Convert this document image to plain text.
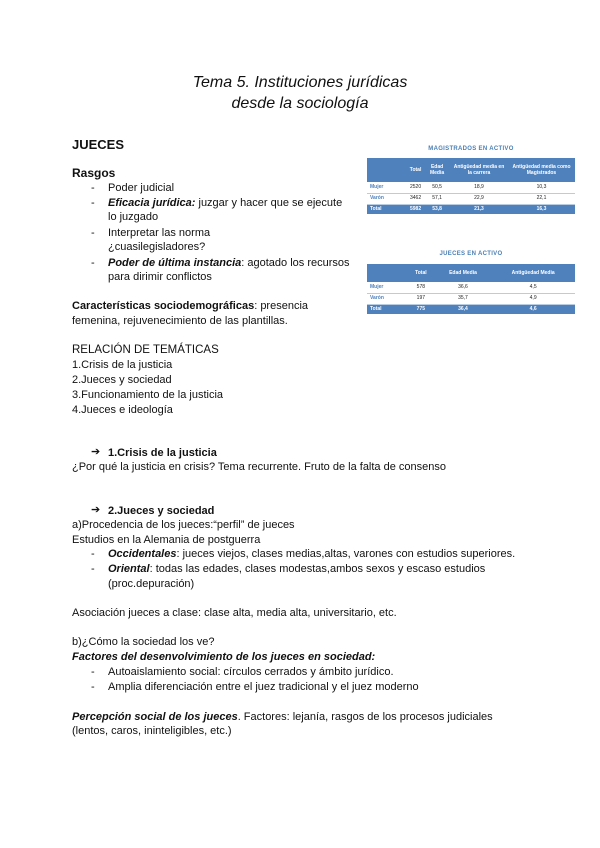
Tema 5. Instituciones jurídicas
desde la sociología
JUECES
Rasgos
- Poder judicial
- Eficacia jurídica: juzgar y hacer que se ejecute
lo juzgado
- Interpretar las norma
¿cuasilegisladores?
- Poder de última instancia: agotado los recursos
para dirimir conflictos
Características sociodemográficas: presencia
femenina, rejuvenecimiento de las plantillas.
RELACIÓN DE TEMÁTICAS
1.Crisis de la justicia
2.Jueces y sociedad
3.Funcionamiento de la justicia
4.Jueces e ideología
➔ 1.Crisis de la justicia
¿Por qué la justicia en crisis? Tema recurrente. Fruto de la falta de consenso
➔ 2.Jueces y sociedad
a)Procedencia de los jueces:“perfil” de jueces
Estudios en la Alemania de postguerra
- Occidentales: jueces viejos, clases medias,altas, varones con estudios superiores.
- Oriental: todas las edades, clases modestas,ambos sexos y escaso estudios
(proc.depuración)
Asociación jueces a clase: clase alta, media alta, universitario, etc.
b)¿Cómo la sociedad los ve?
Factores del desenvolvimiento de los jueces en sociedad:
- Autoaislamiento social: círculos cerrados y ámbito jurídico.
- Amplia diferenciación entre el juez tradicional y el juez moderno
Percepción social de los jueces. Factores: lejanía, rasgos de los procesos judiciales
(lentos, caros, ininteligibles, etc.)
MAGISTRADOS EN ACTIVO
	Total	Edad Media	Antigüedad media en la carrera	Antigüedad media como Magistrados
Mujer	2520	50,5	18,9	10,3
Varón	3462	57,1	22,9	22,1
Total	5982	53,8	21,3	16,3
JUECES EN ACTIVO
	Total	Edad Media	Antigüedad Media
Mujer	578	36,6	4,5
Varón	197	35,7	4,9
Total	775	36,4	4,6
